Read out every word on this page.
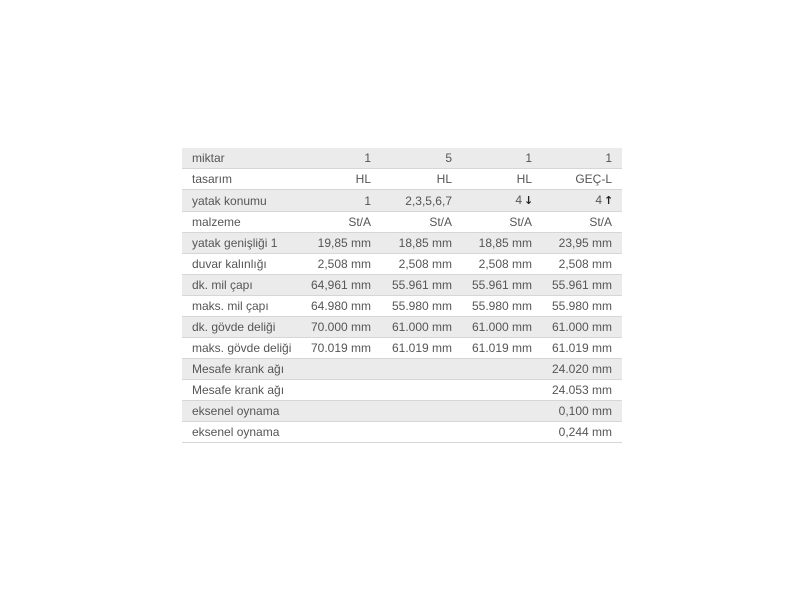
miktar	1	5	1	1
tasarım	HL	HL	HL	GEÇ-L
yatak konumu	1	2,3,5,6,7	4 ↓	4 ↑
malzeme	St/A	St/A	St/A	St/A
yatak genişliği 1	19,85 mm	18,85 mm	18,85 mm	23,95 mm
duvar kalınlığı	2,508 mm	2,508 mm	2,508 mm	2,508 mm
dk. mil çapı	64,961 mm	55.961 mm	55.961 mm	55.961 mm
maks. mil çapı	64.980 mm	55.980 mm	55.980 mm	55.980 mm
dk. gövde deliği	70.000 mm	61.000 mm	61.000 mm	61.000 mm
maks. gövde deliği	70.019 mm	61.019 mm	61.019 mm	61.019 mm
Mesafe krank ağı				24.020 mm
Mesafe krank ağı				24.053 mm
eksenel oynama				0,100 mm
eksenel oynama				0,244 mm
